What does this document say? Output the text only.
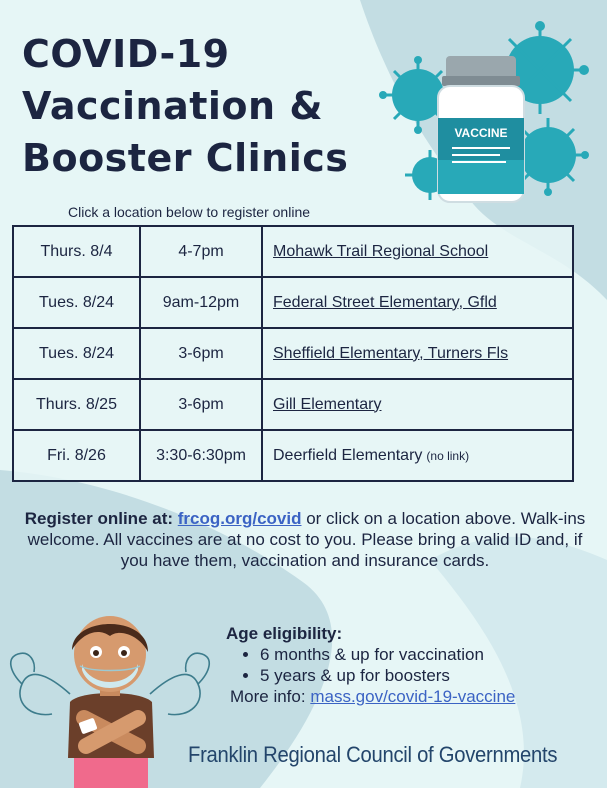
COVID-19
Vaccination &
Booster Clinics
VACCINE
Click a location below to register online
Thurs. 8/4	4-7pm	Mohawk Trail Regional School
Tues. 8/24	9am-12pm	Federal Street Elementary, Gfld
Tues. 8/24	3-6pm	Sheffield Elementary, Turners Fls
Thurs. 8/25	3-6pm	Gill Elementary
Fri. 8/26	3:30-6:30pm	Deerfield Elementary (no link)
Register online at: frcog.org/covid or click on a location above. Walk-ins welcome. All vaccines are at no cost to you. Please bring a valid ID and, if you have them, vaccination and insurance cards.
Age eligibility:
• 6 months & up for vaccination
• 5 years & up for boosters
More info: mass.gov/covid-19-vaccine
Franklin Regional Council of Governments
